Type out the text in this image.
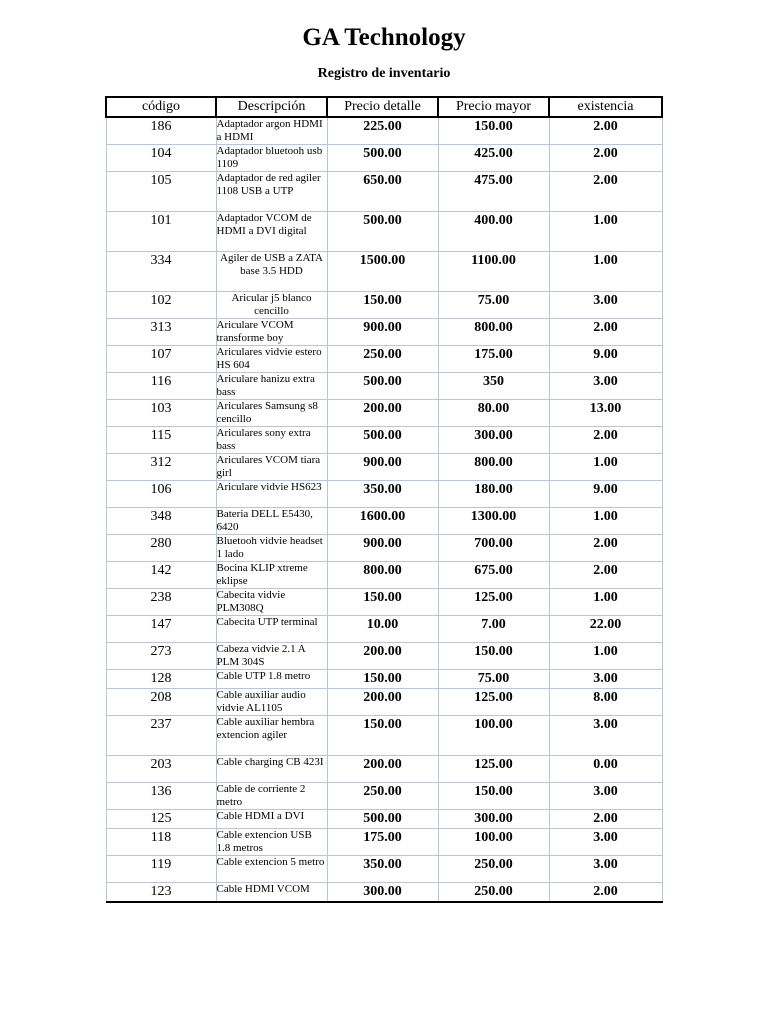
GA Technology
Registro de inventario
código	Descripción	Precio detalle	Precio mayor	existencia
186	Adaptador argon HDMI a HDMI	225.00	150.00	2.00
104	Adaptador bluetooh usb 1109	500.00	425.00	2.00
105	Adaptador de red agiler 1108 USB a UTP	650.00	475.00	2.00
101	Adaptador VCOM de HDMI a DVI digital	500.00	400.00	1.00
334	Agiler de USB a ZATA base 3.5 HDD	1500.00	1100.00	1.00
102	Aricular j5 blanco cencillo	150.00	75.00	3.00
313	Ariculare VCOM transforme boy	900.00	800.00	2.00
107	Ariculares vidvie estero HS 604	250.00	175.00	9.00
116	Ariculare hanizu extra bass	500.00	350	3.00
103	Ariculares Samsung s8 cencillo	200.00	80.00	13.00
115	Ariculares sony extra bass	500.00	300.00	2.00
312	Ariculares VCOM tiara girl	900.00	800.00	1.00
106	Ariculare vidvie HS623	350.00	180.00	9.00
348	Bateria DELL E5430, 6420	1600.00	1300.00	1.00
280	Bluetooh vidvie headset 1 lado	900.00	700.00	2.00
142	Bocina KLIP xtreme eklipse	800.00	675.00	2.00
238	Cabecita vidvie PLM308Q	150.00	125.00	1.00
147	Cabecita UTP terminal	10.00	7.00	22.00
273	Cabeza vidvie 2.1 A PLM 304S	200.00	150.00	1.00
128	Cable UTP 1.8 metro	150.00	75.00	3.00
208	Cable auxiliar audio vidvie AL1105	200.00	125.00	8.00
237	Cable auxiliar hembra extencion agiler	150.00	100.00	3.00
203	Cable charging CB 423I	200.00	125.00	0.00
136	Cable de corriente 2 metro	250.00	150.00	3.00
125	Cable HDMI a DVI	500.00	300.00	2.00
118	Cable extencion USB 1.8 metros	175.00	100.00	3.00
119	Cable extencion 5 metro	350.00	250.00	3.00
123	Cable HDMI VCOM	300.00	250.00	2.00
